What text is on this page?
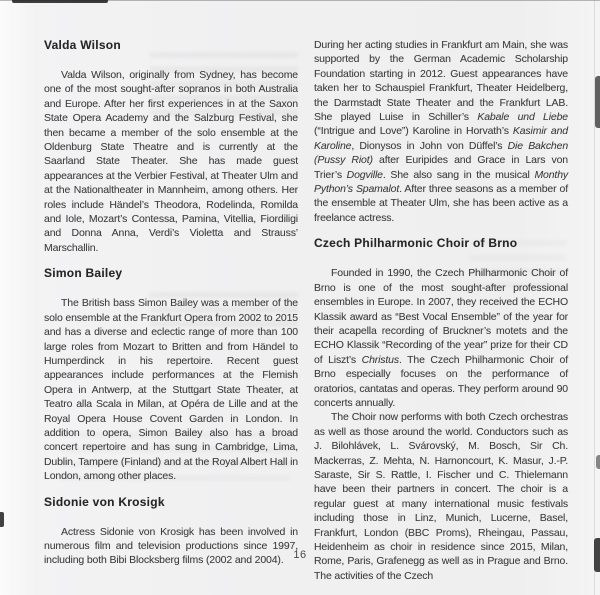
Valda Wilson

Valda Wilson, originally from Sydney, has become one of the most sought-after sopranos in both Australia and Europe. After her first experiences in at the Saxon State Opera Academy and the Salzburg Festival, she then became a member of the solo ensemble at the Oldenburg State Theatre and is currently at the Saarland State Theater. She has made guest appearances at the Verbier Festival, at Theater Ulm and at the Nationaltheater in Mannheim, among others. Her roles include Händel’s Theodora, Rodelinda, Romilda and Iole, Mozart’s Contessa, Pamina, Vitellia, Fiordiligi and Donna Anna, Verdi’s Violetta and Strauss’ Marschallin.

Simon Bailey

The British bass Simon Bailey was a member of the solo ensemble at the Frankfurt Opera from 2002 to 2015 and has a diverse and eclectic range of more than 100 large roles from Mozart to Britten and from Händel to Humperdinck in his repertoire. Recent guest appearances include performances at the Flemish Opera in Antwerp, at the Stuttgart State Theater, at Teatro alla Scala in Milan, at Opéra de Lille and at the Royal Opera House Covent Garden in London. In addition to opera, Simon Bailey also has a broad concert repertoire and has sung in Cambridge, Lima, Dublin, Tampere (Finland) and at the Royal Albert Hall in London, among other places.

Sidonie von Krosigk

Actress Sidonie von Krosigk has been involved in numerous film and television productions since 1997, including both Bibi Blocksberg films (2002 and 2004).

During her acting studies in Frankfurt am Main, she was supported by the German Academic Scholarship Foundation starting in 2012. Guest appearances have taken her to Schauspiel Frankfurt, Theater Heidelberg, the Darmstadt State Theater and the Frankfurt LAB. She played Luise in Schiller’s Kabale und Liebe (“Intrigue and Love”) Karoline in Horvath’s Kasimir and Karoline, Dionysos in John von Düffel’s Die Bakchen (Pussy Riot) after Euripides and Grace in Lars von Trier’s Dogville. She also sang in the musical Monthy Python’s Spamalot. After three seasons as a member of the ensemble at Theater Ulm, she has been active as a freelance actress.

Czech Philharmonic Choir of Brno

Founded in 1990, the Czech Philharmonic Choir of Brno is one of the most sought-after professional ensembles in Europe. In 2007, they received the ECHO Klassik award as “Best Vocal Ensemble” of the year for their acapella recording of Bruckner’s motets and the ECHO Klassik “Recording of the year” prize for their CD of Liszt’s Christus. The Czech Philharmonic Choir of Brno especially focuses on the performance of oratorios, cantatas and operas. They perform around 90 concerts annually.

The Choir now performs with both Czech orchestras as well as those around the world. Conductors such as J. Bilohlávek, L. Svárovský, M. Bosch, Sir Ch. Mackerras, Z. Mehta, N. Harnoncourt, K. Masur, J.-P. Saraste, Sir S. Rattle, I. Fischer und C. Thielemann have been their partners in concert. The choir is a regular guest at many international music festivals including those in Linz, Munich, Lucerne, Basel, Frankfurt, London (BBC Proms), Rheingau, Passau, Heidenheim as choir in residence since 2015, Milan, Rome, Paris, Grafenegg as well as in Prague and Brno. The activities of the Czech

16
